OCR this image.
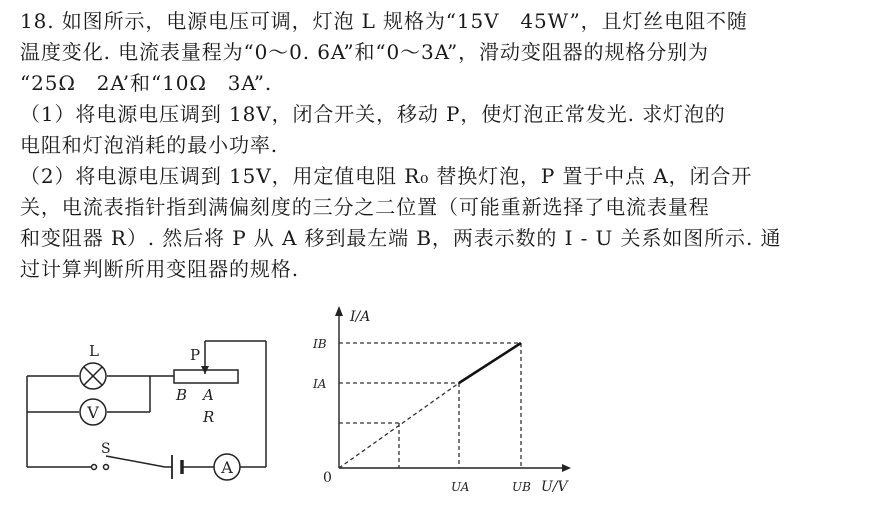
18. 如图所示，电源电压可调，灯泡 L 规格为“15V　45W”，且灯丝电阻不随
温度变化. 电流表量程为“0～0. 6A”和“0～3A”，滑动变阻器的规格分别为
“25Ω　2A’和“10Ω　3A”.
（1）将电源电压调到 18V，闭合开关，移动 P，使灯泡正常发光. 求灯泡的
电阻和灯泡消耗的最小功率.
（2）将电源电压调到 15V，用定值电阻 R₀ 替换灯泡，P 置于中点 A，闭合开
关，电流表指针指到满偏刻度的三分之二位置（可能重新选择了电流表量程
和变阻器 R）. 然后将 P 从 A 移到最左端 B，两表示数的 I - U 关系如图所示. 通
过计算判断所用变阻器的规格.
V
A
L
S
P
B A
R
I/A
U/V
0
IB
IA
UA	UB
